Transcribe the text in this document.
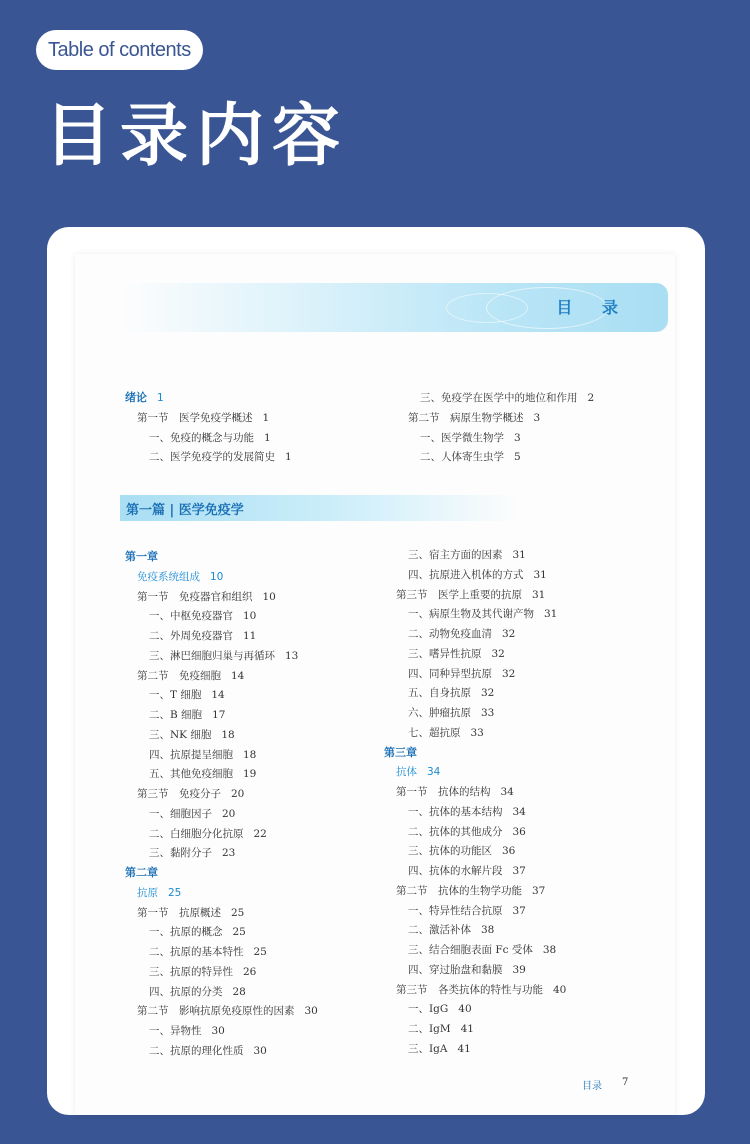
Table of contents
目录内容
目 录
第一篇 | 医学免疫学
绪论 1
第一节　医学免疫学概述 1
一、免疫的概念与功能 1
二、医学免疫学的发展简史 1
三、免疫学在医学中的地位和作用 2
第二节　病原生物学概述 3
一、医学微生物学 3
二、人体寄生虫学 5
第一章
免疫系统组成 10
第一节　免疫器官和组织 10
一、中枢免疫器官 10
二、外周免疫器官 11
三、淋巴细胞归巢与再循环 13
第二节　免疫细胞 14
一、T 细胞 14
二、B 细胞 17
三、NK 细胞 18
四、抗原提呈细胞 18
五、其他免疫细胞 19
第三节　免疫分子 20
一、细胞因子 20
二、白细胞分化抗原 22
三、黏附分子 23
第二章
抗原 25
第一节　抗原概述 25
一、抗原的概念 25
二、抗原的基本特性 25
三、抗原的特异性 26
四、抗原的分类 28
第二节　影响抗原免疫原性的因素 30
一、异物性 30
二、抗原的理化性质 30
三、宿主方面的因素 31
四、抗原进入机体的方式 31
第三节　医学上重要的抗原 31
一、病原生物及其代谢产物 31
二、动物免疫血清 32
三、嗜异性抗原 32
四、同种异型抗原 32
五、自身抗原 32
六、肿瘤抗原 33
七、超抗原 33
第三章
抗体 34
第一节　抗体的结构 34
一、抗体的基本结构 34
二、抗体的其他成分 36
三、抗体的功能区 36
四、抗体的水解片段 37
第二节　抗体的生物学功能 37
一、特异性结合抗原 37
二、激活补体 38
三、结合细胞表面 Fc 受体 38
四、穿过胎盘和黏膜 39
第三节　各类抗体的特性与功能 40
一、IgG 40
二、IgM 41
三、IgA 41
目录 7
